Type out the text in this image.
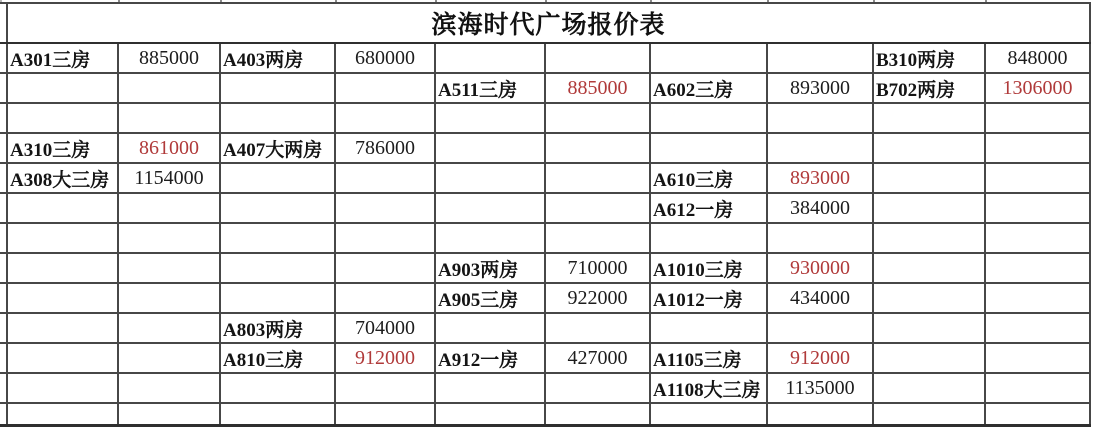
	滨海时代广场报价表									
	A301三房	885000	A403两房	680000					B310两房	848000
					A511三房	885000	A602三房	893000	B702两房	1306000

	A310三房	861000	A407大两房	786000						
	A308大三房	1154000					A610三房	893000		
							A612一房	384000		

					A903两房	710000	A1010三房	930000		
					A905三房	922000	A1012一房	434000		
			A803两房	704000						
			A810三房	912000	A912一房	427000	A1105三房	912000		
							A1108大三房	1135000		
